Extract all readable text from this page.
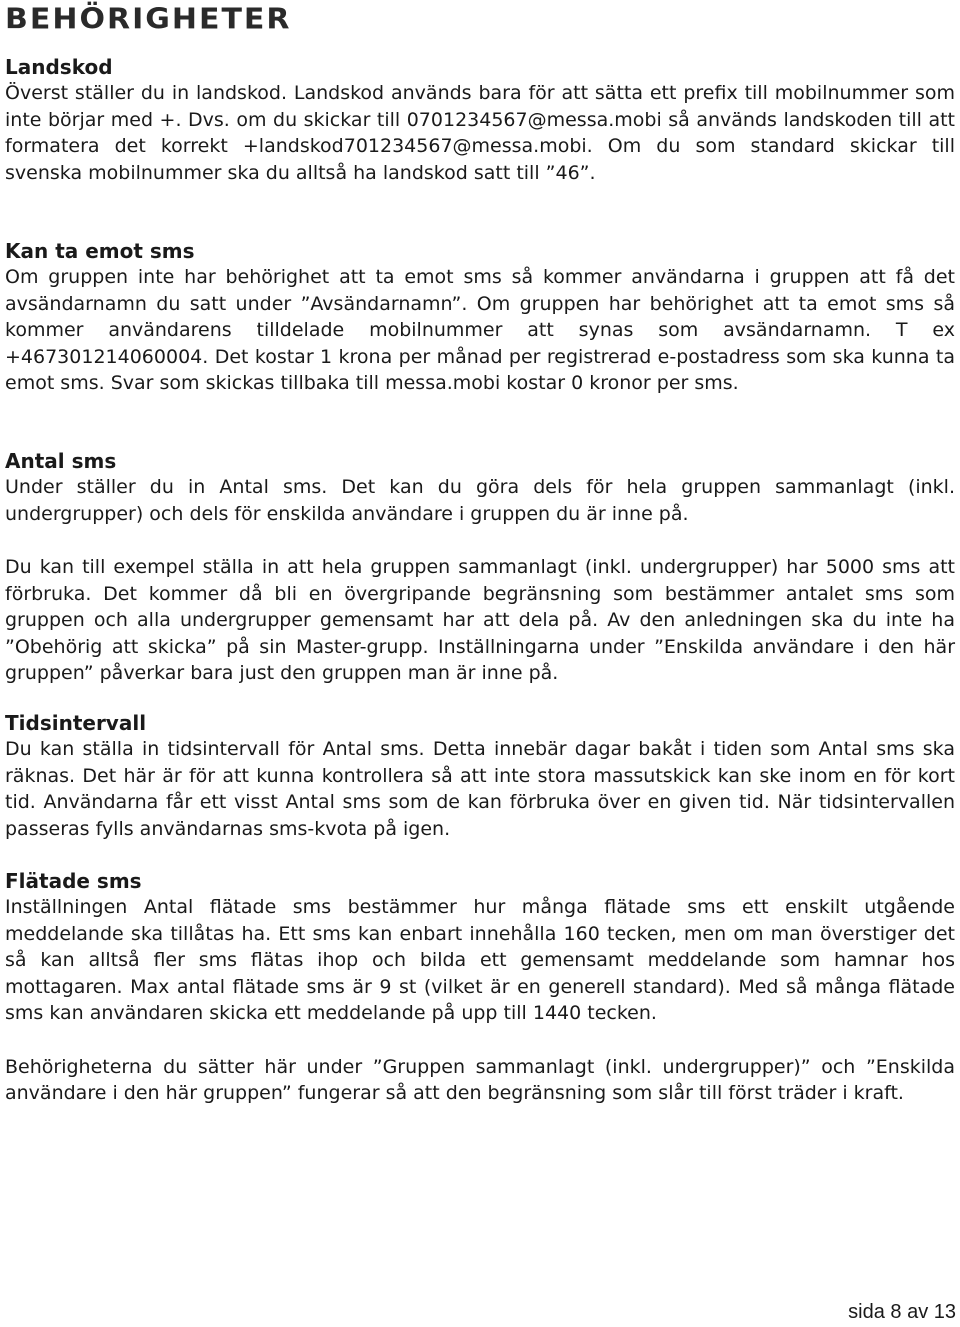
BEHÖRIGHETER
Landskod

Överst ställer du in landskod. Landskod används bara för att sätta ett prefix till mobilnummer som inte börjar med +. Dvs. om du skickar till 0701234567@messa.mobi så används landskoden till att formatera det korrekt +landskod701234567@messa.mobi. Om du som standard skickar till svenska mobilnummer ska du alltså ha landskod satt till ”46”.

Kan ta emot sms

Om gruppen inte har behörighet att ta emot sms så kommer användarna i gruppen att få det avsändarnamn du satt under ”Avsändarnamn”. Om gruppen har behörighet att ta emot sms så kommer användarens tilldelade mobilnummer att synas som avsändarnamn. T ex +467301214060004. Det kostar 1 krona per månad per registrerad e-postadress som ska kunna ta emot sms. Svar som skickas tillbaka till messa.mobi kostar 0 kronor per sms.

Antal sms

Under ställer du in Antal sms. Det kan du göra dels för hela gruppen sammanlagt (inkl. undergrupper) och dels för enskilda användare i gruppen du är inne på.

Du kan till exempel ställa in att hela gruppen sammanlagt (inkl. undergrupper) har 5000 sms att förbruka. Det kommer då bli en övergripande begränsning som bestämmer antalet sms som gruppen och alla undergrupper gemensamt har att dela på. Av den anledningen ska du inte ha ”Obehörig att skicka” på sin Master-grupp. Inställningarna under ”Enskilda användare i den här gruppen” påverkar bara just den gruppen man är inne på.

Tidsintervall

Du kan ställa in tidsintervall för Antal sms. Detta innebär dagar bakåt i tiden som Antal sms ska räknas. Det här är för att kunna kontrollera så att inte stora massutskick kan ske inom en för kort tid. Användarna får ett visst Antal sms som de kan förbruka över en given tid. När tidsintervallen passeras fylls användarnas sms-kvota på igen.

Flätade sms

Inställningen Antal flätade sms bestämmer hur många flätade sms ett enskilt utgående meddelande ska tillåtas ha. Ett sms kan enbart innehålla 160 tecken, men om man överstiger det så kan alltså fler sms flätas ihop och bilda ett gemensamt meddelande som hamnar hos mottagaren. Max antal flätade sms är 9 st (vilket är en generell standard). Med så många flätade sms kan användaren skicka ett meddelande på upp till 1440 tecken.

Behörigheterna du sätter här under ”Gruppen sammanlagt (inkl. undergrupper)” och ”Enskilda användare i den här gruppen” fungerar så att den begränsning som slår till först träder i kraft.

sida 8 av 13
